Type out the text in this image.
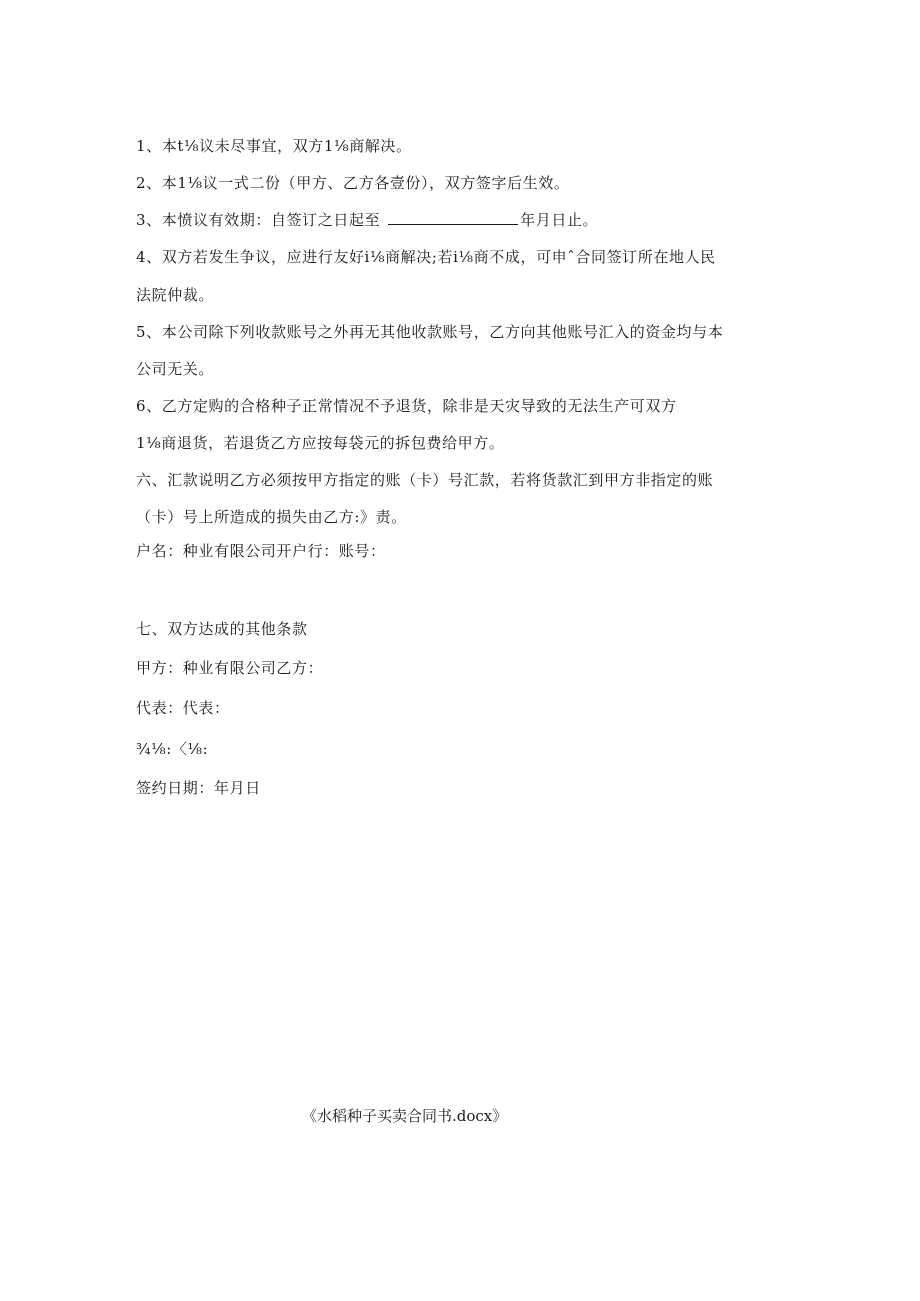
1、本t⅛议未尽事宜，双方1⅛商解决。
2、本1⅛议一式二份（甲方、乙方各壹份），双方签字后生效。
3、本愤议有效期：自签订之日起至	年月日止。
4、双方若发生争议，应进行友好i⅛商解决;若i⅛商不成，可申ˆ合同签订所在地人民
法院仲裁。
5、本公司除下列收款账号之外再无其他收款账号，乙方向其他账号汇入的资金均与本
公司无关。
6、乙方定购的合格种子正常情况不予退货，除非是天灾导致的无法生产可双方
1⅛商退货，若退货乙方应按每袋元的拆包费给甲方。
六、汇款说明乙方必须按甲方指定的账（卡）号汇款，若将货款汇到甲方非指定的账
（卡）号上所造成的损失由乙方:》责。
户名：种业有限公司开户行：账号：
七、双方达成的其他条款
甲方：种业有限公司乙方：
代表：代表：
¾⅛:〈⅛:
签约日期：年月日
《水稻种子买卖合同书.docx》
